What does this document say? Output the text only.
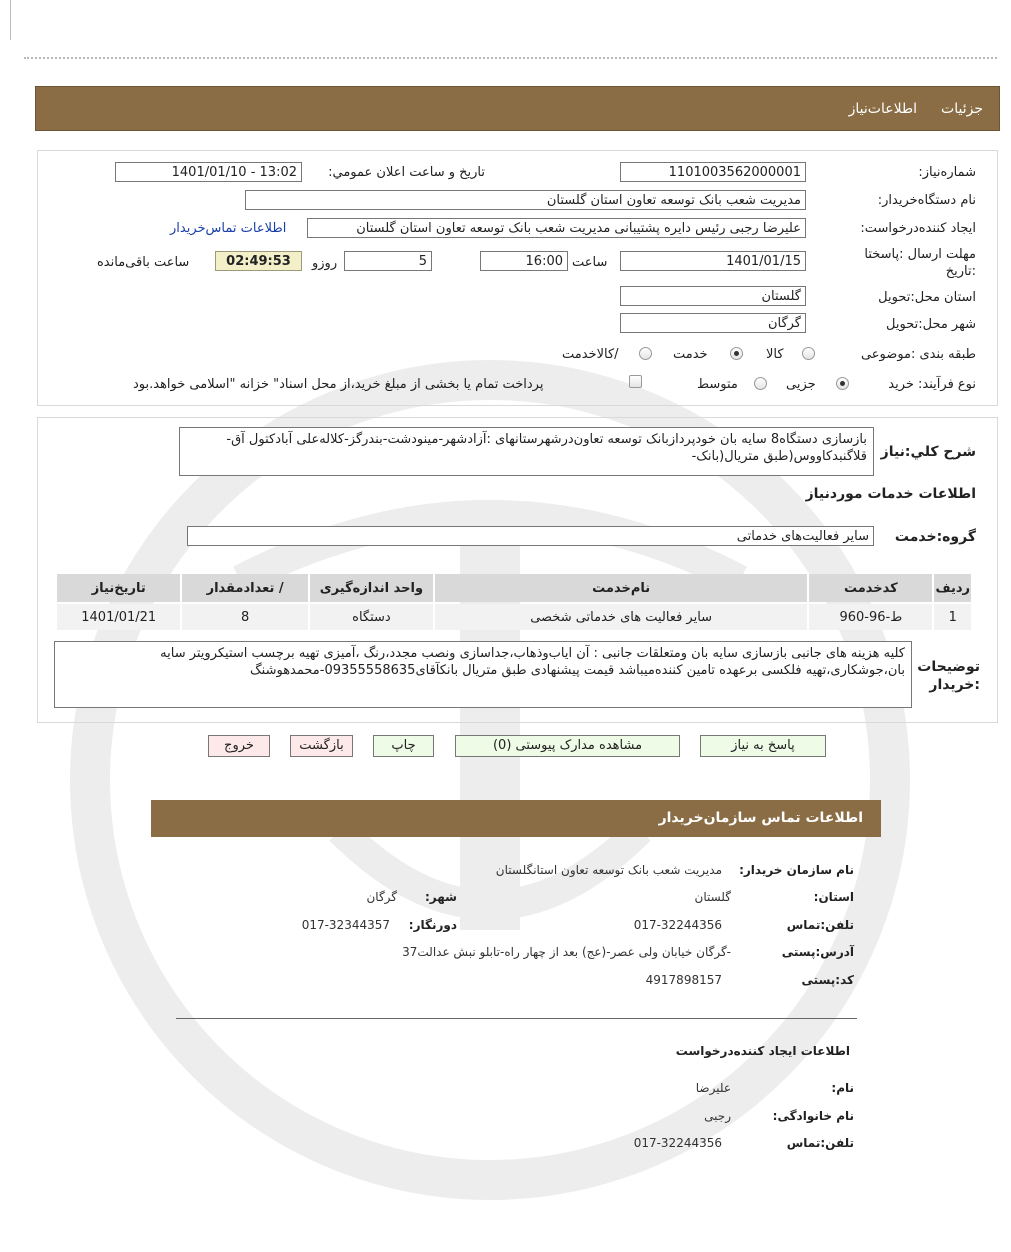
جزئیات
اطلاعات‌نیاز
شماره‌نیاز:
1101003562000001
تاریخ و ساعت اعلان عمومي:
1401/01/10 - 13:02
نام دستگاه‌خریدار:
مدیریت شعب بانک توسعه تعاون استان گلستان
ایجاد کننده‌درخواست:
علیرضا رجبی رئیس دایره پشتیبانی مدیریت شعب بانک توسعه تعاون استان گلستان
اطلاعات تماس‌خریدار
مهلت ارسال :پاسختا
:تاریخ
1401/01/15
ساعت
16:00
5
روزو
02:49:53
ساعت باقی‌مانده
استان محل:تحویل
گلستان
شهر محل:تحویل
گرگان
طبقه بندی :موضوعی
کالا
خدمت
/کالاخدمت
نوع فرآیند: خرید
جزیی
متوسط
پرداخت تمام یا بخشی از مبلغ خرید،از محل اسناد" خزانه "اسلامی خواهد.بود
شرح کلي:نیاز
بازسازی دستگاه8 سایه بان خودپردازبانک توسعه تعاون‌درشهرستانهای :آزادشهر-مینودشت-بندرگز-کلاله‌علی آبادکتول آق-قلاگنبدکاووس(طبق متریال(بانک-
اطلاعات خدمات موردنیاز
گروه:خدمت
سایر فعالیت‌های خدماتی
ردیف	کدخدمت	نام‌خدمت	واحد اندازه‌گیری	/ تعدادمقدار	تاریخ‌نیاز
1	ط-96-960	سایر فعالیت های خدماتی شخصی	دستگاه	8	1401/01/21
توضیحات
:خریدار
کلیه هزینه های جانبی بازسازی سایه بان ومتعلقات جانبی : آن ایاب‌وذهاب،جداسازی ونصب مجدد،رنگ ،آمیزی تهیه برچسب استیکرویتر سایه بان،جوشکاری،تهیه فلکسی برعهده تامین کننده‌میباشد قیمت پیشنهادی طبق متریال بانکآقای09355558635-محمدهوشنگ
پاسخ به نیاز
مشاهده مدارک پیوستی (0)
چاپ
بازگشت
خروج
اطلاعات تماس سازمان‌خریدار
نام سازمان خریدار:
مدیریت شعب بانک توسعه تعاون استانگلستان
استان:
گلستان
شهر:
گرگان
تلفن:تماس
017-32244356
دورنگار:
017-32344357
آدرس:پستی
-گرگان خیابان ولی عصر-(عج) بعد از چهار راه-تابلو نبش عدالت37
کد:پستی
4917898157
اطلاعات ایجاد کننده‌درخواست
نام:
علیرضا
نام خانوادگی:
رجبی
تلفن:تماس
017-32244356
